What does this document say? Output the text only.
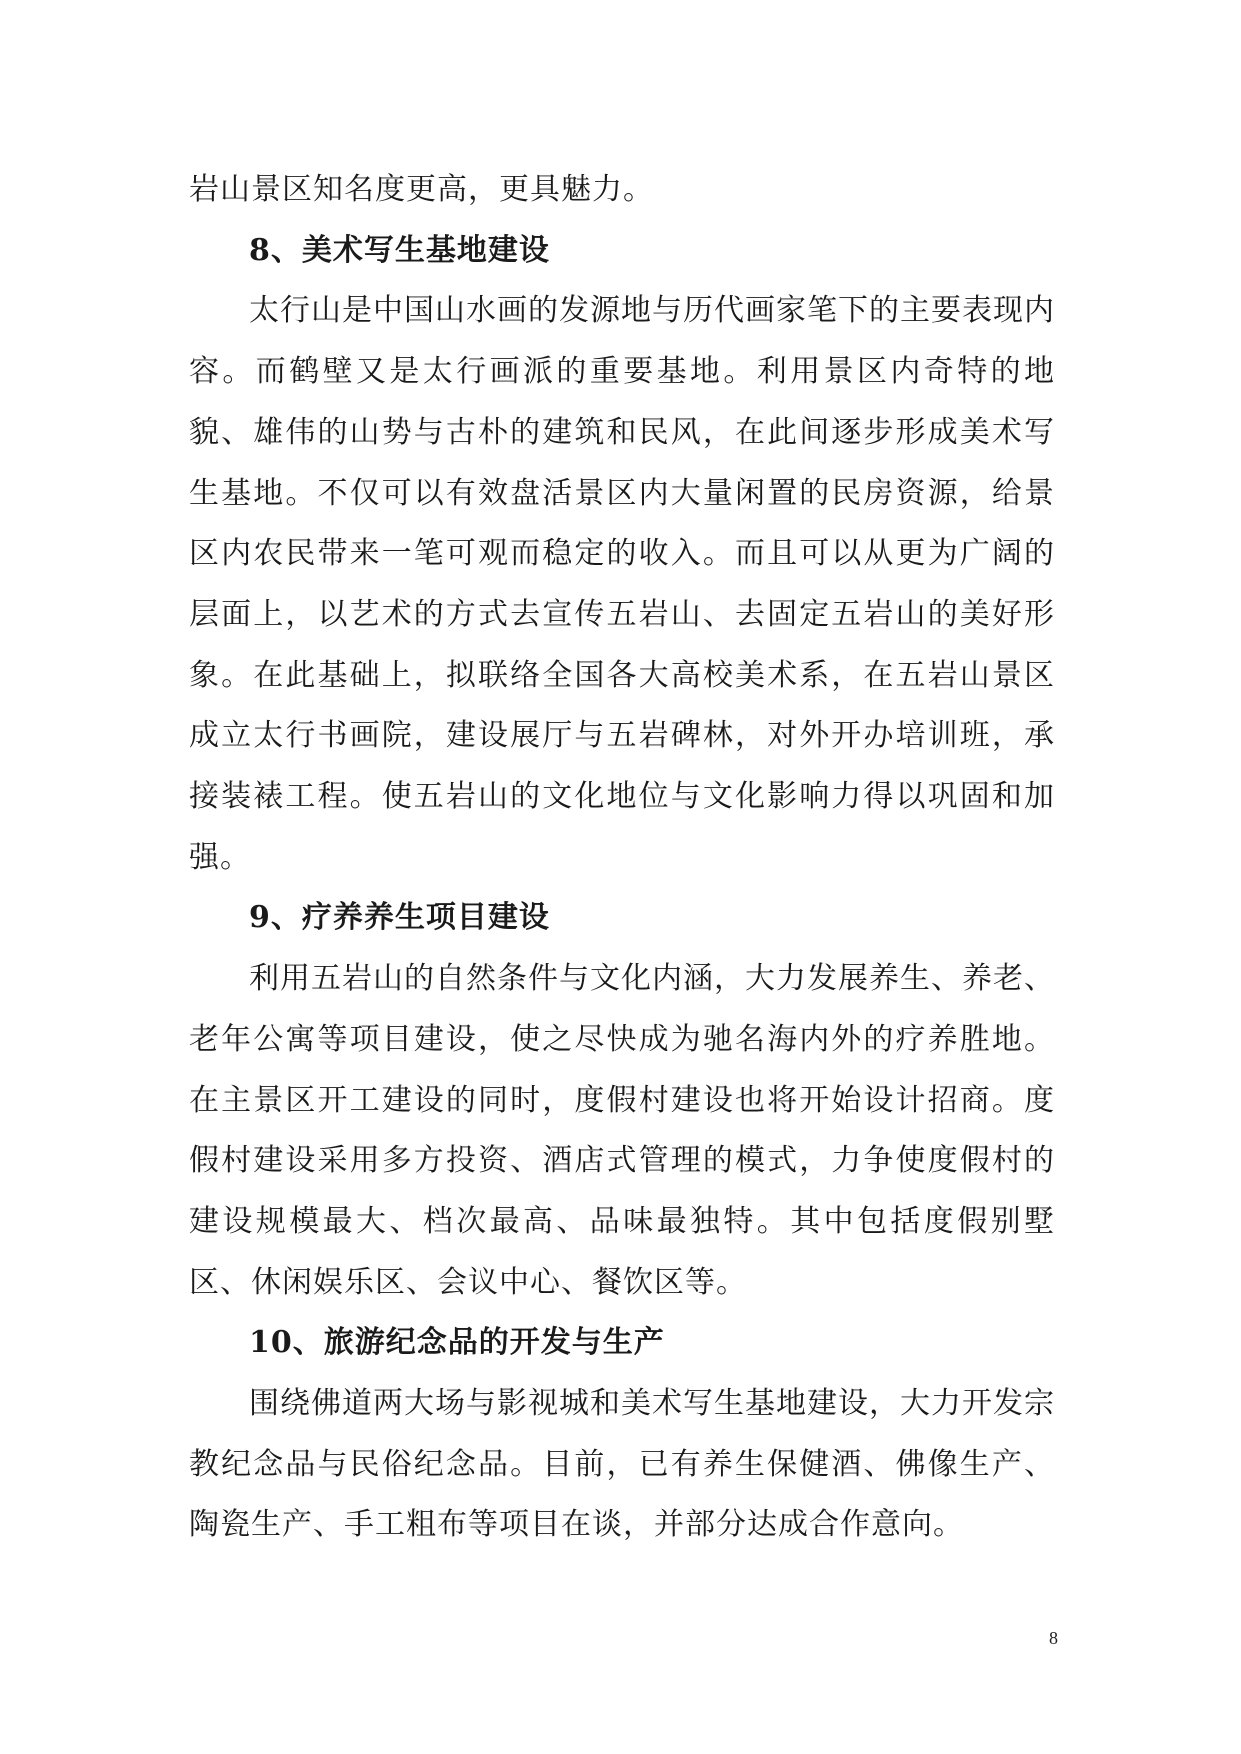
岩山景区知名度更高，更具魅力。

8、美术写生基地建设

太行山是中国山水画的发源地与历代画家笔下的主要表现内容。而鹤壁又是太行画派的重要基地。利用景区内奇特的地貌、雄伟的山势与古朴的建筑和民风，在此间逐步形成美术写生基地。不仅可以有效盘活景区内大量闲置的民房资源，给景区内农民带来一笔可观而稳定的收入。而且可以从更为广阔的层面上，以艺术的方式去宣传五岩山、去固定五岩山的美好形象。在此基础上，拟联络全国各大高校美术系，在五岩山景区成立太行书画院，建设展厅与五岩碑林，对外开办培训班，承接装裱工程。使五岩山的文化地位与文化影响力得以巩固和加强。

9、疗养养生项目建设

利用五岩山的自然条件与文化内涵，大力发展养生、养老、老年公寓等项目建设，使之尽快成为驰名海内外的疗养胜地。在主景区开工建设的同时，度假村建设也将开始设计招商。度假村建设采用多方投资、酒店式管理的模式，力争使度假村的建设规模最大、档次最高、品味最独特。其中包括度假别墅区、休闲娱乐区、会议中心、餐饮区等。

10、旅游纪念品的开发与生产

围绕佛道两大场与影视城和美术写生基地建设，大力开发宗教纪念品与民俗纪念品。目前，已有养生保健酒、佛像生产、陶瓷生产、手工粗布等项目在谈，并部分达成合作意向。

8
